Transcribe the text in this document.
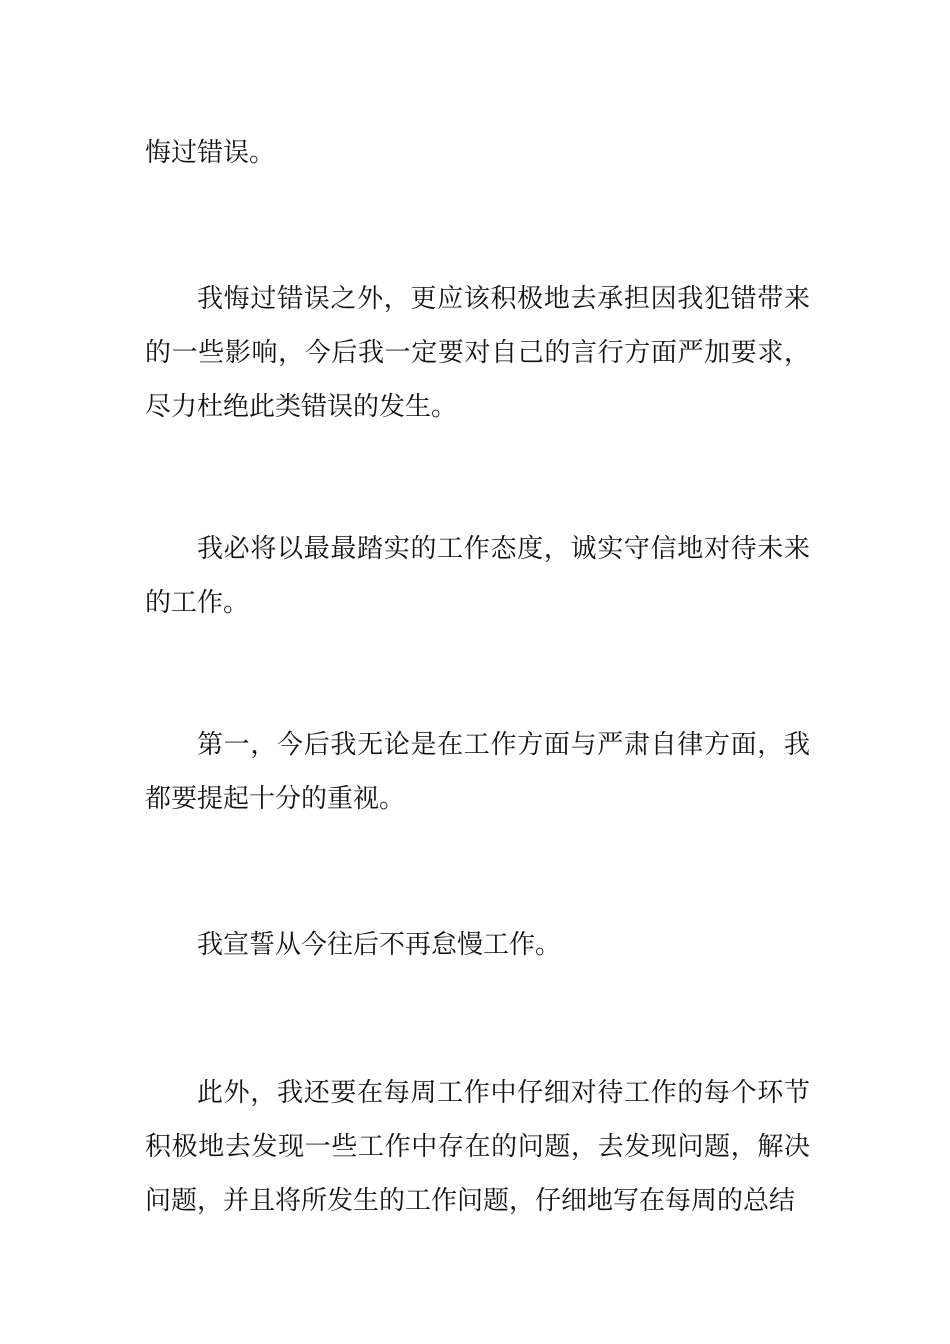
悔过错误。

我悔过错误之外，更应该积极地去承担因我犯错带来的一些影响，今后我一定要对自己的言行方面严加要求，尽力杜绝此类错误的发生。

我必将以最最踏实的工作态度，诚实守信地对待未来的工作。

第一，今后我无论是在工作方面与严肃自律方面，我都要提起十分的重视。

我宣誓从今往后不再怠慢工作。

此外，我还要在每周工作中仔细对待工作的每个环节积极地去发现一些工作中存在的问题，去发现问题，解决问题，并且将所发生的工作问题，仔细地写在每周的总结
